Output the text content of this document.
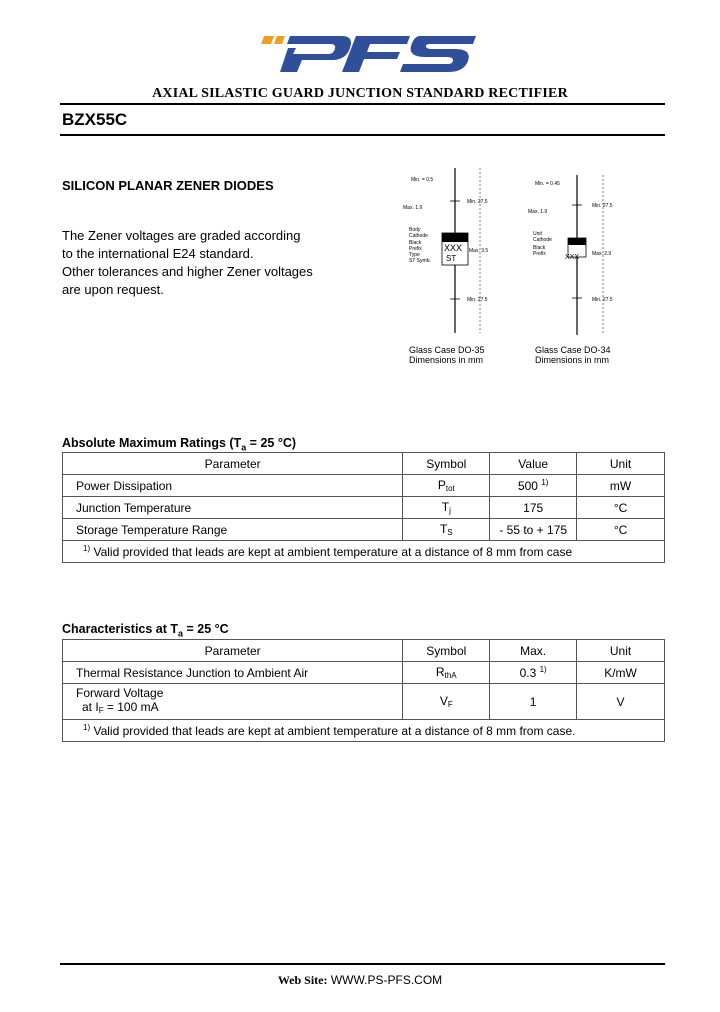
AXIAL SILASTIC GUARD JUNCTION STANDARD RECTIFIER
BZX55C
SILICON PLANAR ZENER DIODES
The Zener voltages are graded according
to the international E24 standard.
Other tolerances and higher Zener voltages
are upon request.
Min. = 0.5
Max. 1.9
Min. 27.5
Body
Cathode
Black
Prefix
Type
ST Symb.
XXX
ST
Max. 3.5
Min. 27.5
Glass Case DO-35
Dimensions in mm
Min. = 0.45
Max. 1.9
Min. 27.5
Unit
Cathode
Black
Prefix	XXX	Max. 2.9
Min. 27.5
Glass Case DO-34
Dimensions in mm
Absolute Maximum Ratings ($T_a = 25$ °C)
Parameter	Symbol	Value	Unit
Power Dissipation	$P_{tot}$	500 $^{1)}$	mW
Junction Temperature	$T_j$	175	°C
Storage Temperature Range	$T_S$	- 55 to + 175	°C
$^{1)}$ Valid provided that leads are kept at ambient temperature at a distance of 8 mm from case			
Characteristics at $T_a = 25$ °C
Parameter	Symbol	Max.	Unit
Thermal Resistance Junction to Ambient Air	$R_{thA}$	0.3 $^{1)}$	K/mW

Forward Voltage
at $I_F = 100$ mA	$V_F$	1	V
$^{1)}$ Valid provided that leads are kept at ambient temperature at a distance of 8 mm from case.			
Web Site: WWW.PS-PFS.COM
